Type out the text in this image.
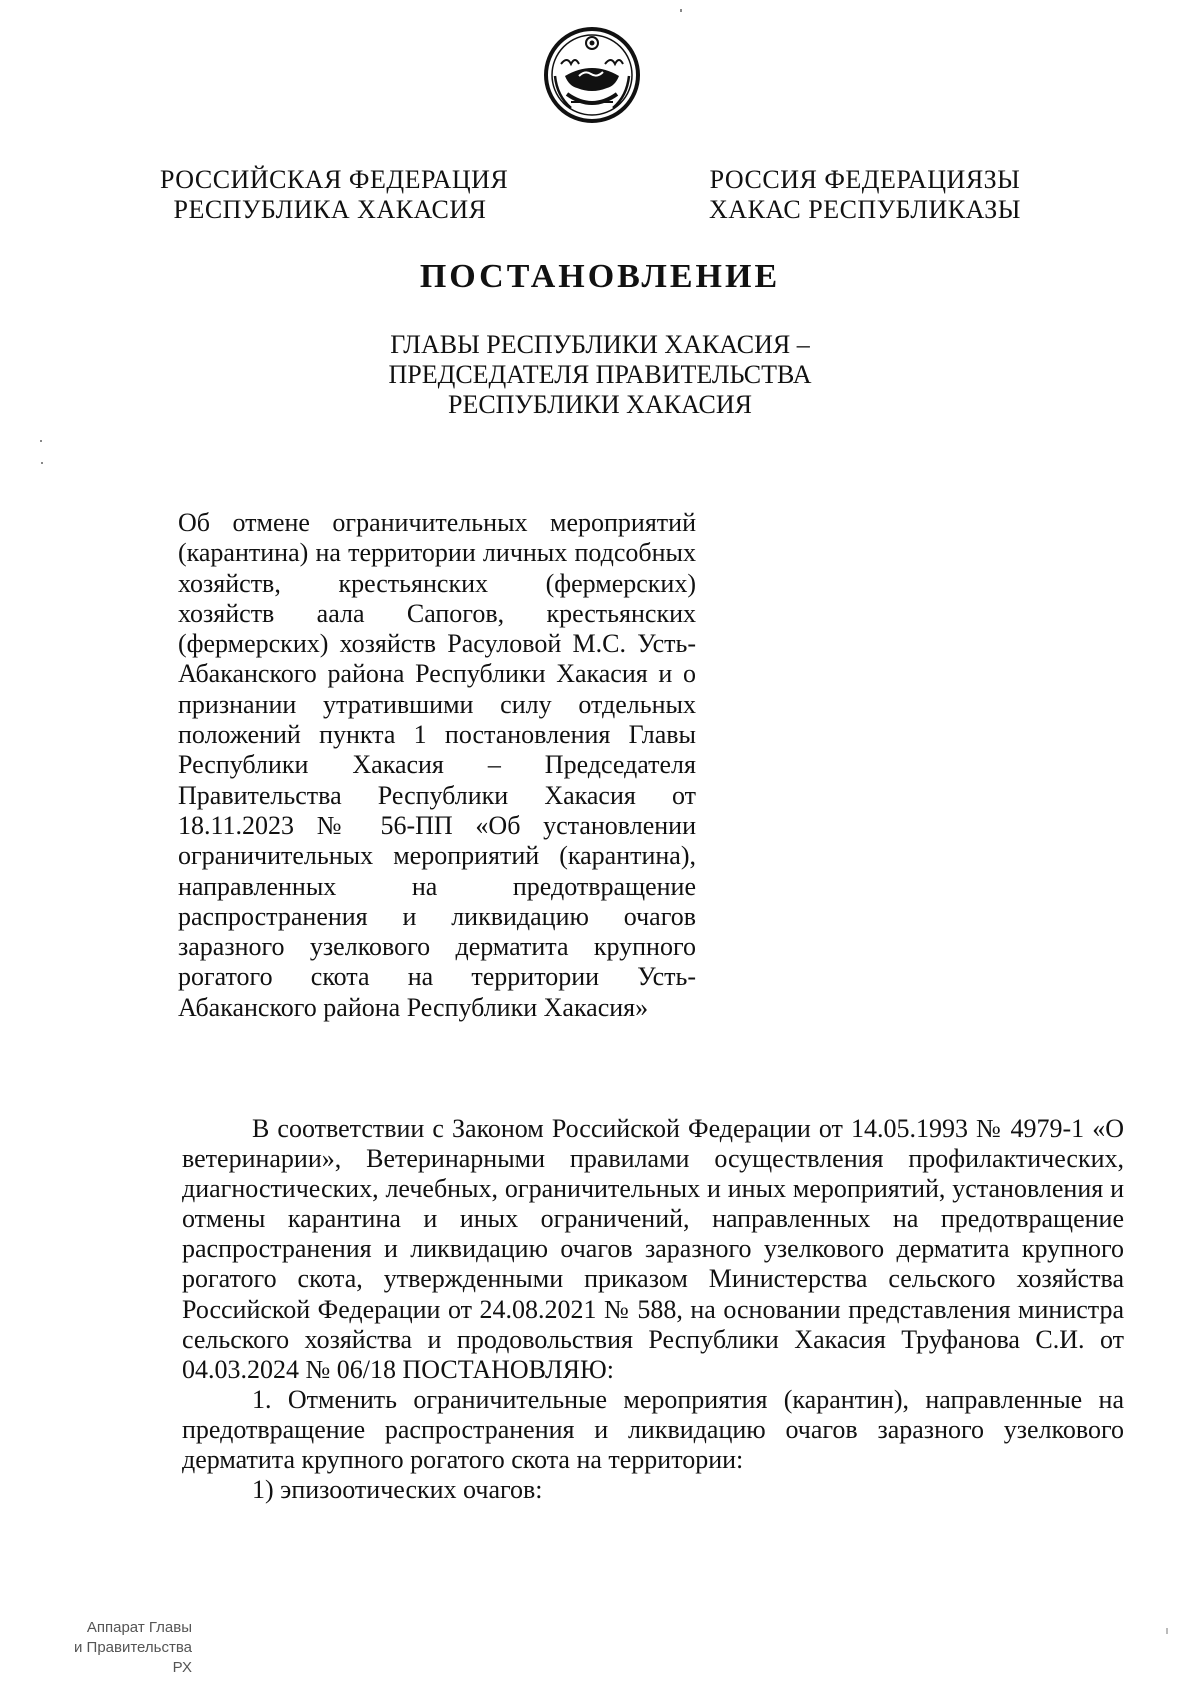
РОССИЙСКАЯ ФЕДЕРАЦИЯ
РЕСПУБЛИКА ХАКАСИЯ
РОССИЯ ФЕДЕРАЦИЯЗЫ
ХАКАС РЕСПУБЛИКАЗЫ
ПОСТАНОВЛЕНИЕ
ГЛАВЫ РЕСПУБЛИКИ ХАКАСИЯ –
ПРЕДСЕДАТЕЛЯ ПРАВИТЕЛЬСТВА
РЕСПУБЛИКИ ХАКАСИЯ
Об отмене ограничительных мероприятий (карантина) на территории личных подсобных хозяйств, крестьянских (фермерских) хозяйств аала Сапогов, крестьянских (фермерских) хозяйств Расуловой М.С. Усть-Абаканского района Республики Хакасия и о признании утратившими силу отдельных положений пункта 1 постановления Главы Республики Хакасия – Председателя Правительства Республики Хакасия от 18.11.2023 № 56-ПП «Об установлении ограничительных мероприятий (карантина), направленных на предотвращение распространения и ликвидацию очагов заразного узелкового дерматита крупного рогатого скота на территории Усть-Абаканского района Республики Хакасия»

В соответствии с Законом Российской Федерации от 14.05.1993 № 4979-1 «О ветеринарии», Ветеринарными правилами осуществления профилактических, диагностических, лечебных, ограничительных и иных мероприятий, установления и отмены карантина и иных ограничений, направленных на предотвращение распространения и ликвидацию очагов заразного узелкового дерматита крупного рогатого скота, утвержденными приказом Министерства сельского хозяйства Российской Федерации от 24.08.2021 № 588, на основании представления министра сельского хозяйства и продовольствия Республики Хакасия Труфанова С.И. от 04.03.2024 № 06/18 ПОСТАНОВЛЯЮ:

1. Отменить ограничительные мероприятия (карантин), направленные на предотвращение распространения и ликвидацию очагов заразного узелкового дерматита крупного рогатого скота на территории:

1) эпизоотических очагов:

Аппарат Главы
и Правительства РХ
